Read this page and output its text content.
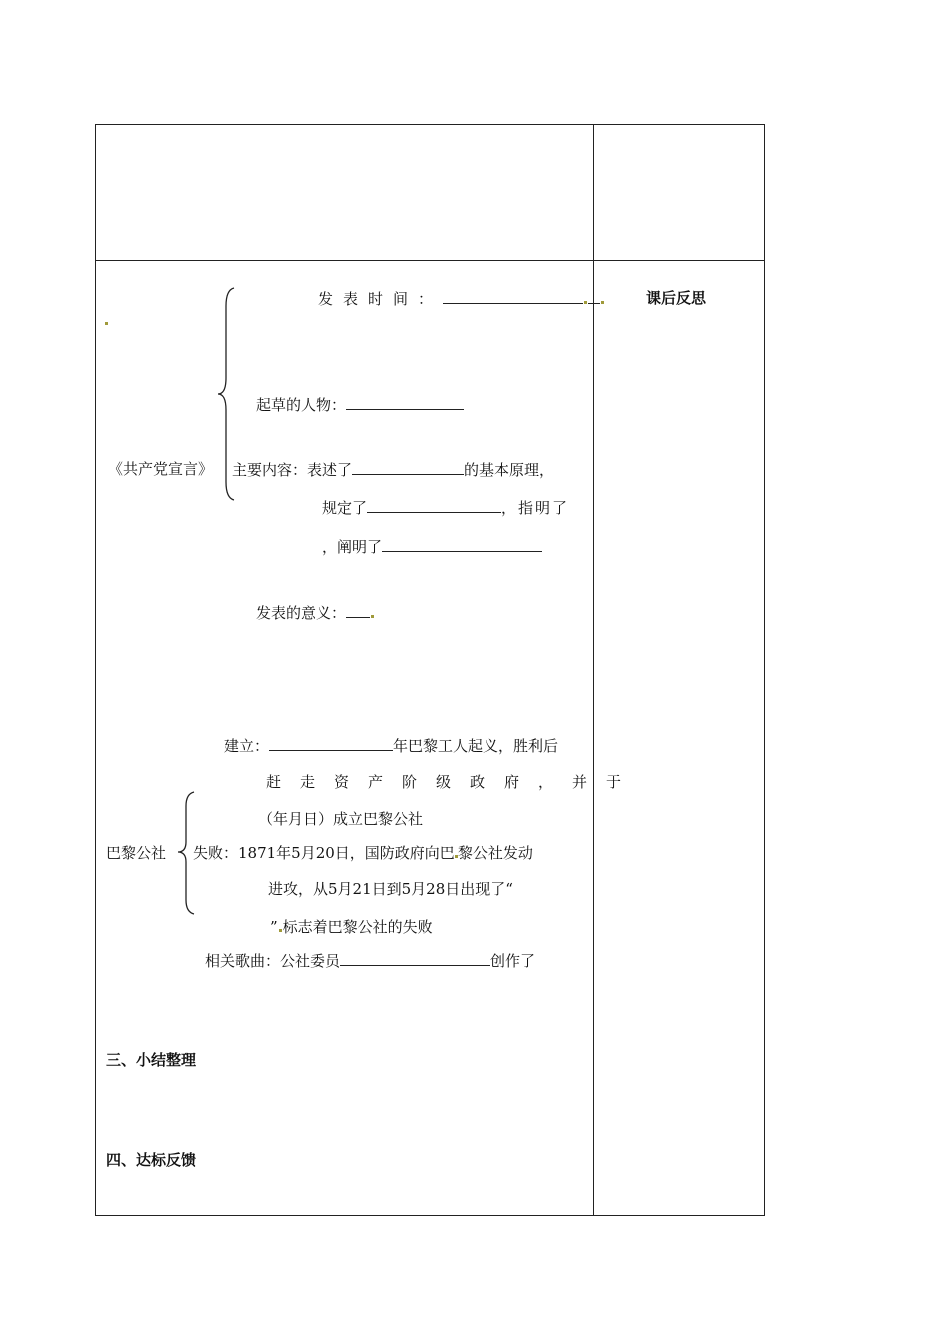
课后反思
《共产党宣言》
发表时间：
起草的人物：
主要内容：表述了	的基本原理，
规定了	，指明了
，阐明了
发表的意义：
巴黎公社
建立：	年巴黎工人起义，胜利后
赶走资产阶级政府，并于
（年月日）成立巴黎公社
失败：1871年5月20日，国防政府向巴 黎公社发动
进攻，从5月21日到5月28日出现了“
” 标志着巴黎公社的失败
相关歌曲：公社委员	创作了
三、小结整理
四、达标反馈
